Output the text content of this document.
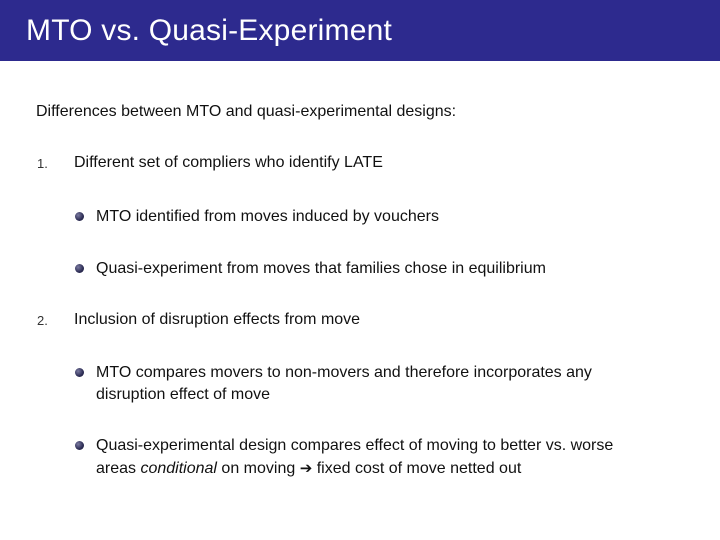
MTO vs. Quasi-Experiment
Differences between MTO and quasi-experimental designs:
1. Different set of compliers who identify LATE
MTO identified from moves induced by vouchers
Quasi-experiment from moves that families chose in equilibrium
2. Inclusion of disruption effects from move
MTO compares movers to non-movers and therefore incorporates any
disruption effect of move
Quasi-experimental design compares effect of moving to better vs. worse
areas conditional on moving ➔ fixed cost of move netted out
